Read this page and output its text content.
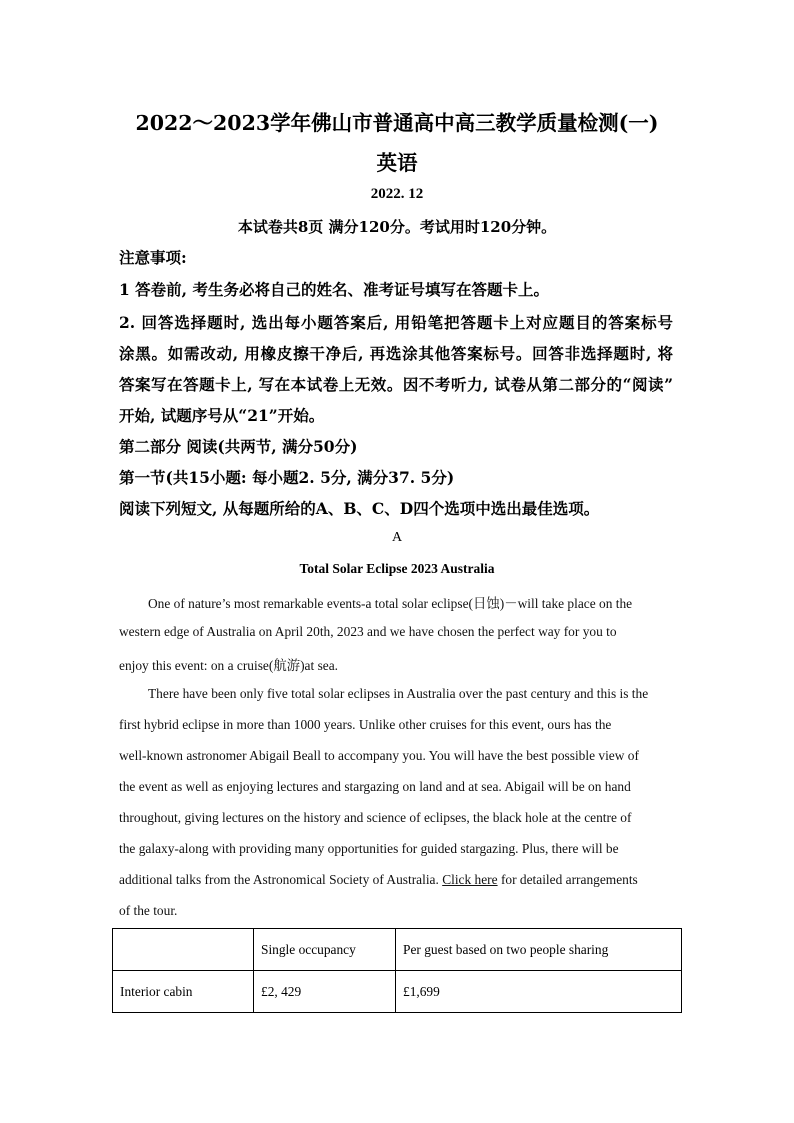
2022～2023学年佛山市普通高中高三教学质量检测(一)
英语
2022. 12
本试卷共8页 满分120分。考试用时120分钟。
注意事项:
1 答卷前, 考生务必将自己的姓名、准考证号填写在答题卡上。
2. 回答选择题时, 选出每小题答案后, 用铅笔把答题卡上对应题目的答案标号
涂黑。如需改动, 用橡皮擦干净后, 再选涂其他答案标号。回答非选择题时, 将
答案写在答题卡上, 写在本试卷上无效。因不考听力, 试卷从第二部分的“阅读”
开始, 试题序号从“21”开始。
第二部分 阅读(共两节, 满分50分)
第一节(共15小题: 每小题2. 5分, 满分37. 5分)
阅读下列短文, 从每题所给的A、B、C、D四个选项中选出最佳选项。
A
Total Solar Eclipse 2023 Australia
One of nature’s most remarkable events-a total solar eclipse(日蚀)－will take place on the
western edge of Australia on April 20th, 2023 and we have chosen the perfect way for you to
enjoy this event: on a cruise(航游)at sea.
There have been only five total solar eclipses in Australia over the past century and this is the
first hybrid eclipse in more than 1000 years. Unlike other cruises for this event, ours has the
well-known astronomer Abigail Beall to accompany you. You will have the best possible view of
the event as well as enjoying lectures and stargazing on land and at sea. Abigail will be on hand
throughout, giving lectures on the history and science of eclipses, the black hole at the centre of
the galaxy-along with providing many opportunities for guided stargazing. Plus, there will be
additional talks from the Astronomical Society of Australia. Click here for detailed arrangements
of the tour.
	Single occupancy	Per guest based on two people sharing
Interior cabin	£2, 429	£1,699
